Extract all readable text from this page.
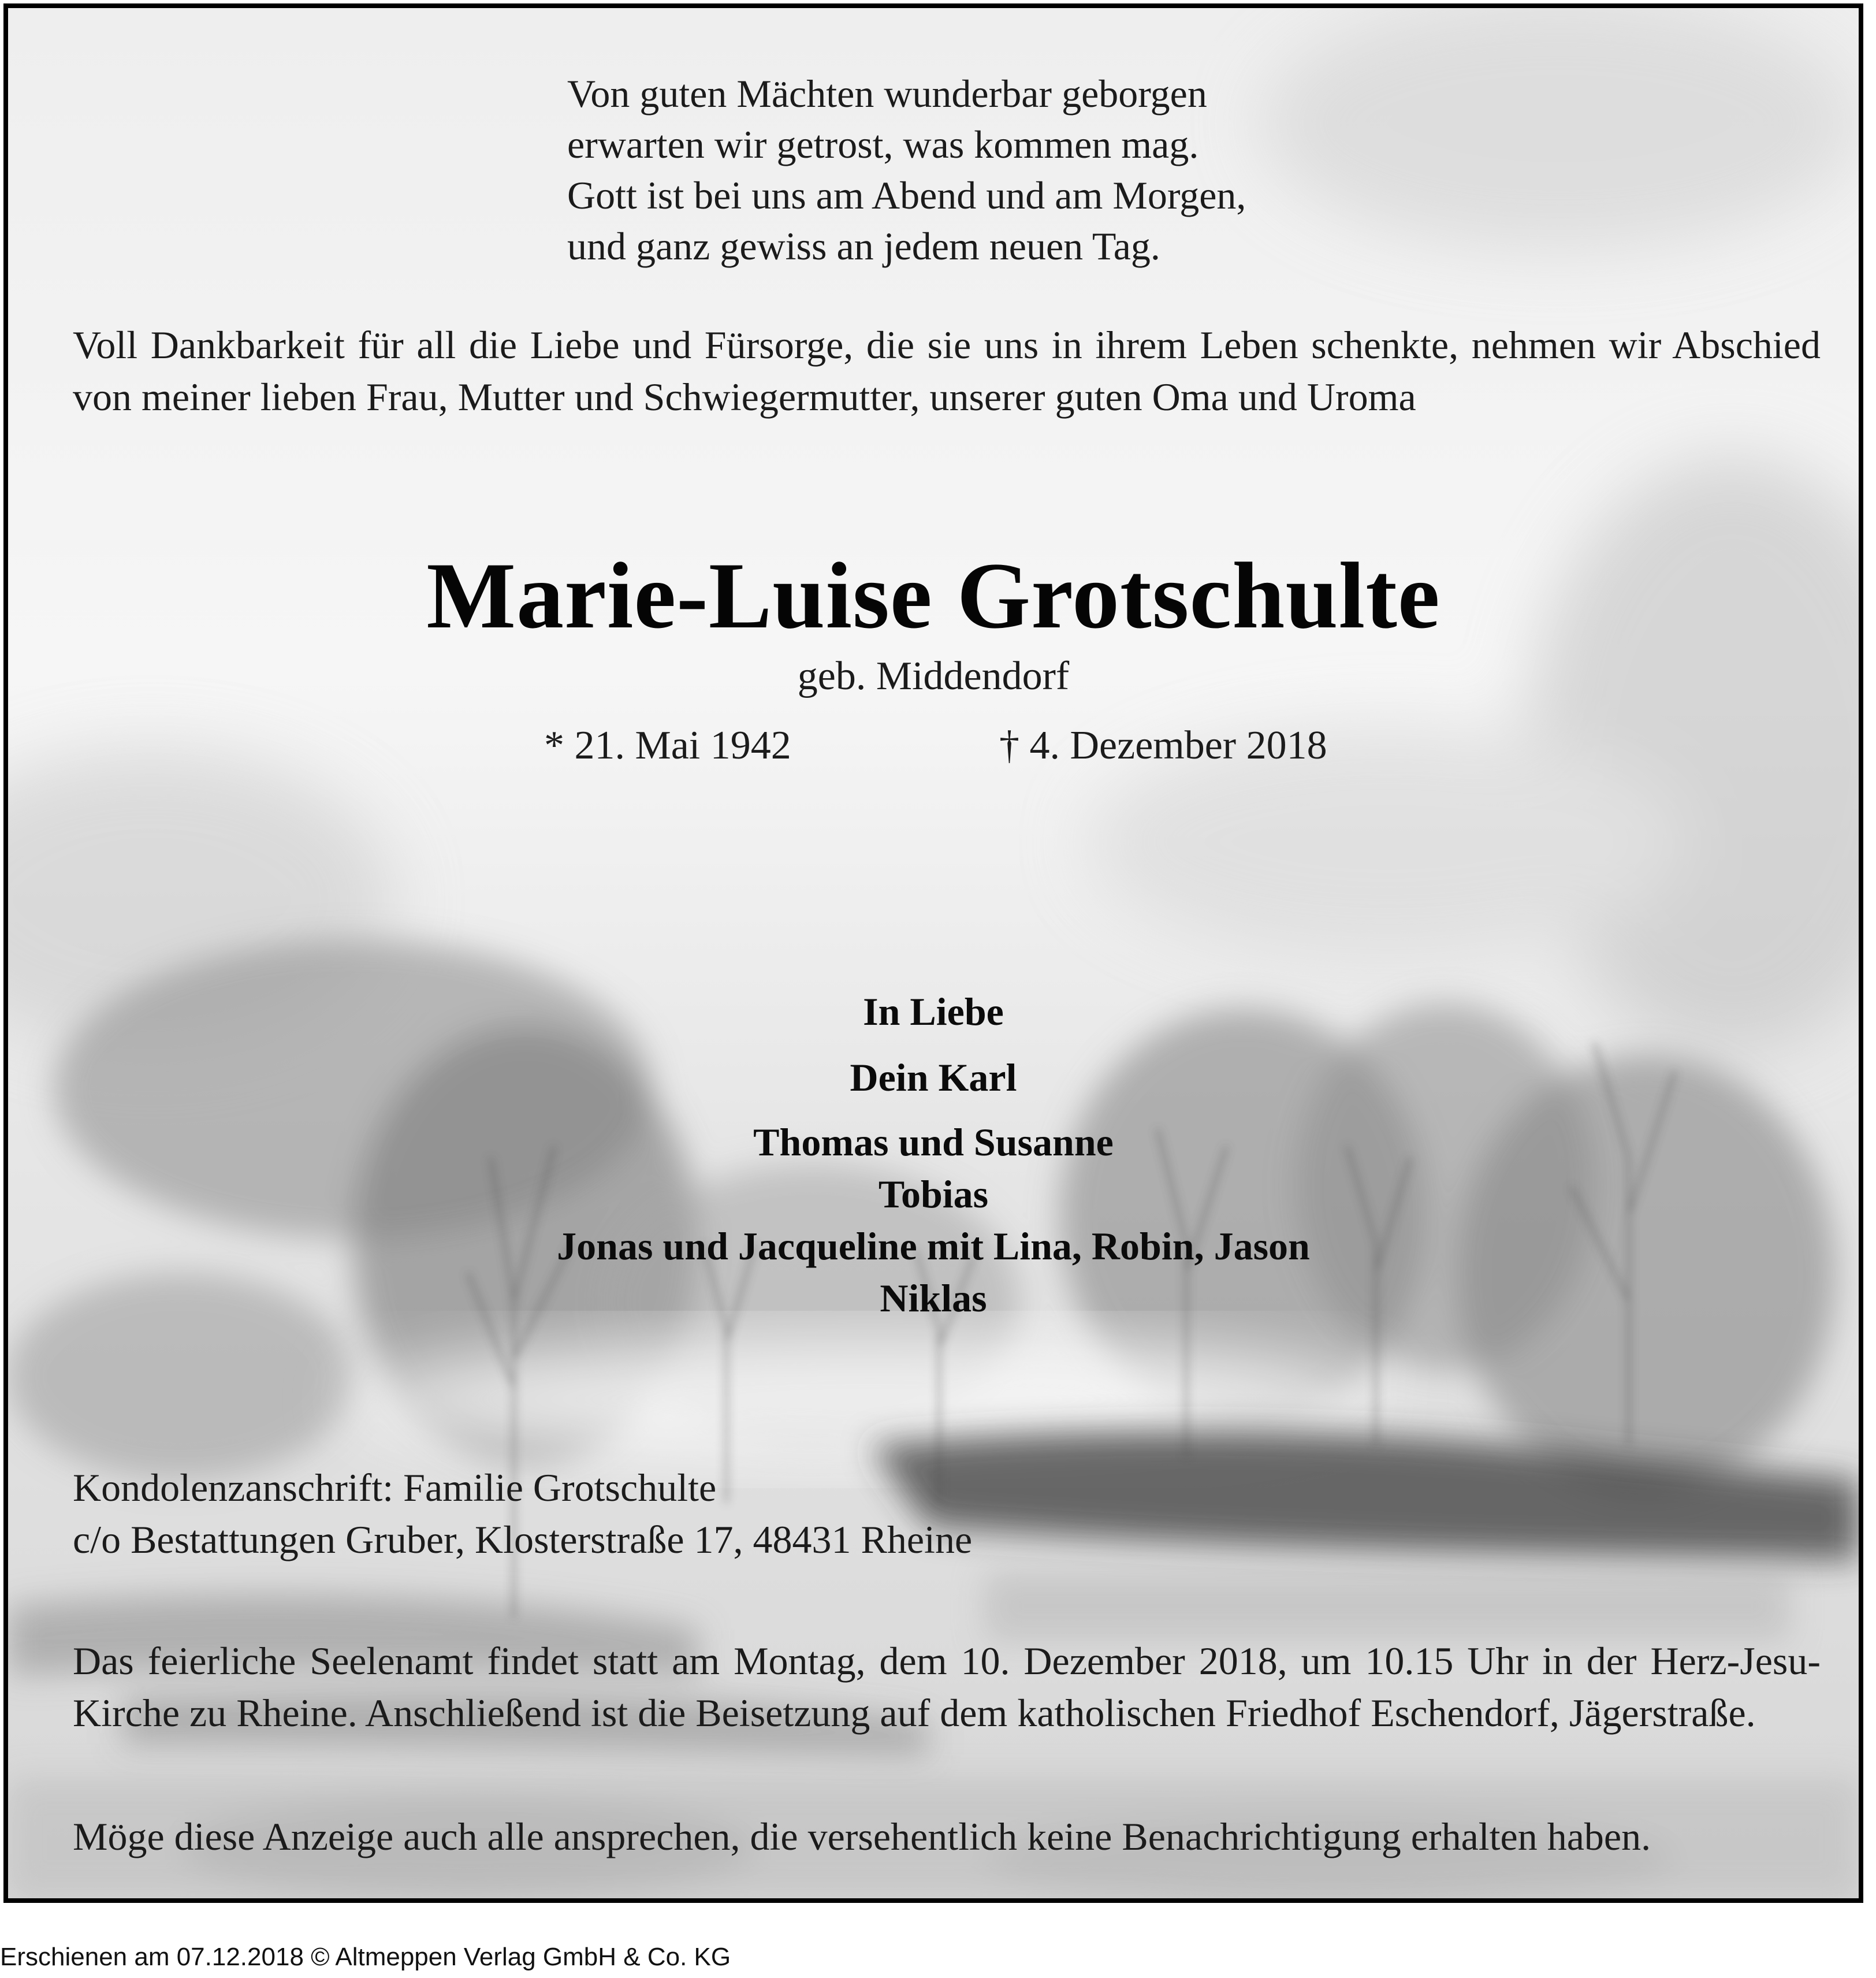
Von guten Mächten wunderbar geborgen
erwarten wir getrost, was kommen mag.
Gott ist bei uns am Abend und am Morgen,
und ganz gewiss an jedem neuen Tag.
Voll Dankbarkeit für all die Liebe und Fürsorge, die sie uns in ihrem Leben schenkte, nehmen wir Abschied von meiner lieben Frau, Mutter und Schwiegermutter, unserer guten Oma und Uroma
Marie-Luise Grotschulte
geb. Middendorf
* 21. Mai 1942	† 4. Dezember 2018
In Liebe
Dein Karl
Thomas und Susanne
Tobias
Jonas und Jacqueline mit Lina, Robin, Jason
Niklas
Kondolenzanschrift: Familie Grotschulte
c/o Bestattungen Gruber, Klosterstraße 17, 48431 Rheine
Das feierliche Seelenamt findet statt am Montag, dem 10. Dezember 2018, um 10.15 Uhr in der Herz-Jesu-Kirche zu Rheine. Anschließend ist die Beisetzung auf dem katholischen Friedhof Eschendorf, Jägerstraße.
Möge diese Anzeige auch alle ansprechen, die versehentlich keine Benachrichtigung erhalten haben.
Erschienen am 07.12.2018 © Altmeppen Verlag GmbH & Co. KG
